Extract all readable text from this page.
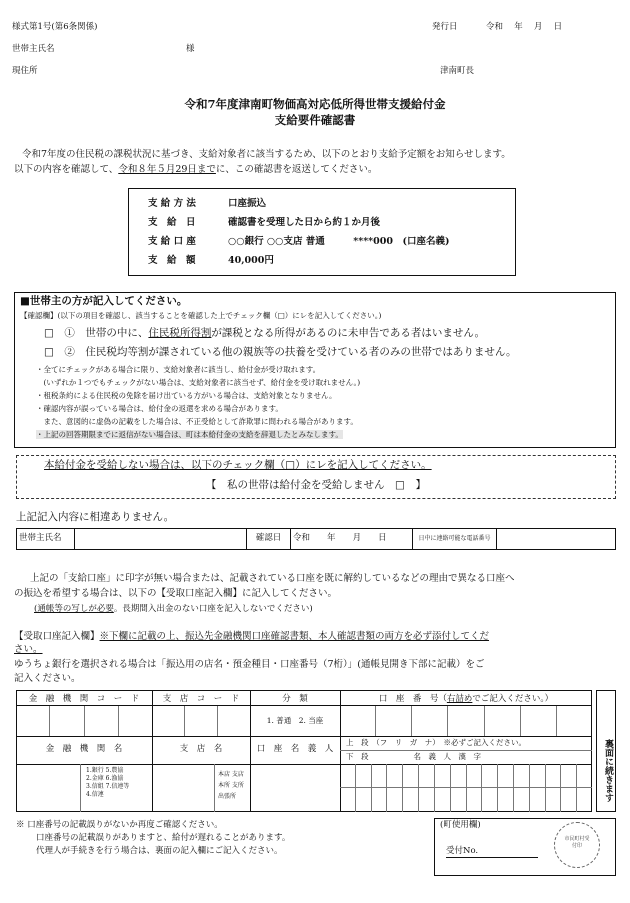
様式第1号(第6条関係)	発行日	令和　 年　 月　 日
世帯主氏名	様
現住所	津南町長
令和7年度津南町物価高対応低所得世帯支援給付金
支給要件確認書
令和7年度の住民税の課税状況に基づき、支給対象者に該当するため、以下のとおり支給予定額をお知らせします。
以下の内容を確認して、令和８年５月29日までに、この確認書を返送してください。
支 給 方 法	口座振込
支　給　日	確認書を受理した日から約１か月後
支 給 口 座	○○銀行 ○○支店 普通　　　****000　(口座名義)
支　給　額	40,000円
■世帯主の方が記入してください。
【確認欄】(以下の項目を確認し、該当することを確認した上でチェック欄（□）にレを記入してください。)
□　①　世帯の中に、住民税所得割が課税となる所得があるのに未申告である者はいません。
□　②　住民税均等割が課されている他の親族等の扶養を受けている者のみの世帯ではありません。
・全てにチェックがある場合に限り、支給対象者に該当し、給付金が受け取れます。
　(いずれか１つでもチェックがない場合は、支給対象者に該当せず、給付金を受け取れません。)
・租税条約による住民税の免除を届け出ている方がいる場合は、支給対象となりません。
・確認内容が誤っている場合は、給付金の返還を求める場合があります。
　また、意図的に虚偽の記載をした場合は、不正受給として詐欺罪に問われる場合があります。
・上記の回答期限までに返信がない場合は、町は本給付金の支給を辞退したとみなします。
本給付金を受給しない場合は、以下のチェック欄（□）にレを記入してください。
【　私の世帯は給付金を受給しません　□　】
上記記入内容に相違ありません。
世帯主氏名		確認日	令和　　 年　　 月　　 日	日中に連絡可能な電話番号	
上記の「支給口座」に印字が無い場合または、記載されている口座を既に解約しているなどの理由で異なる口座へ
の振込を希望する場合は、以下の【受取口座記入欄】に記入してください。
(通帳等の写しが必要。長期間入出金のない口座を記入しないでください)
【受取口座記入欄】※下欄に記載の上、振込先金融機関口座確認書類、本人確認書類の両方を必ず添付してくだ
さい。
ゆうちょ銀行を選択される場合は「振込用の店名・預金種目・口座番号（7桁）」(通帳見開き下部に記載）をご
記入ください。
裏面に続きます
金　融　機　関　コ　ー　ド	支　店　コ　ー　ド	分　類	口　座　番　号（右詰めでご記入ください。）
1. 普通　2. 当座
金　融　機　関　名	支　店　名	口　座　名　義　人
上　段　（フ　リ　ガ　ナ）　※必ずご記入ください。
下　段　　　　　　名　義　人　漢　字
1.銀行 5.農協
2.金庫 6.漁協
3.信組 7.信連等
4.信連
本店 支店
本所 支所
出張所
※ 口座番号の記載誤りがないか再度ご確認ください。
口座番号の記載誤りがありますと、給付が遅れることがあります。
代理人が手続きを行う場合は、裏面の記入欄にご記入ください。
(町使用欄)
受付No.
市民町村受付印
